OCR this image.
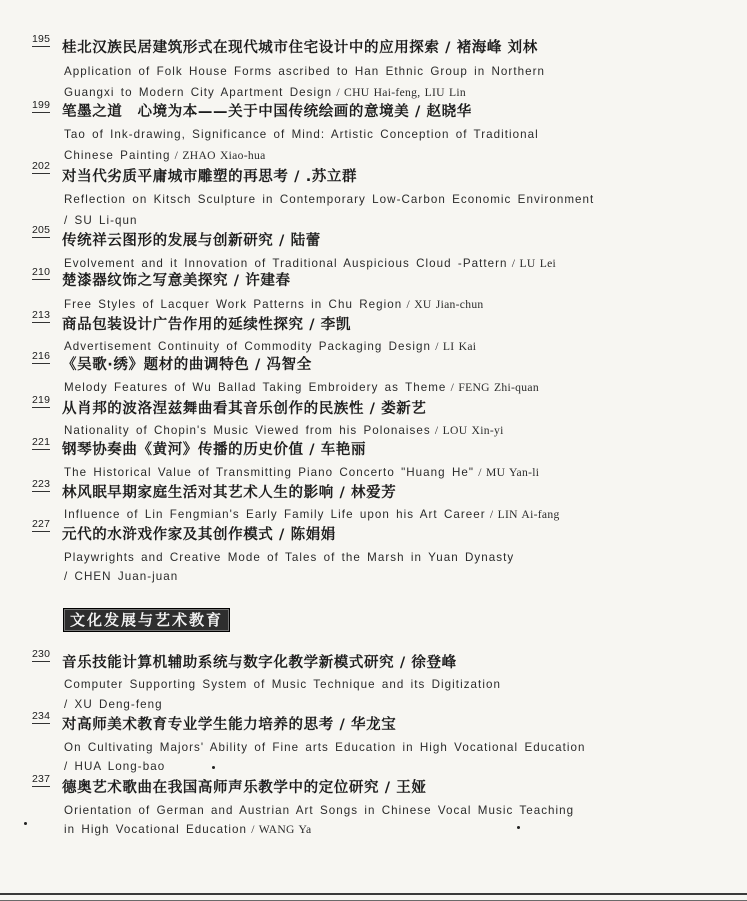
195
桂北汉族民居建筑形式在现代城市住宅设计中的应用探索 / 褚海峰 刘林
Application of Folk House Forms ascribed to Han Ethnic Group in Northern
Guangxi to Modern City Apartment Design / CHU Hai-feng, LIU Lin
199 笔墨之道　心境为本——关于中国传统绘画的意境美 / 赵晓华
Tao of Ink-drawing, Significance of Mind: Artistic Conception of Traditional
Chinese Painting / ZHAO Xiao-hua
202
对当代劣质平庸城市雕塑的再思考 / .苏立群
Reflection on Kitsch Sculpture in Contemporary Low-Carbon Economic Environment
/ SU Li-qun
205
传统祥云图形的发展与创新研究 / 陆蕾
Evolvement and it Innovation of Traditional Auspicious Cloud -Pattern / LU Lei
210
楚漆器纹饰之写意美探究 / 许建春
Free Styles of Lacquer Work Patterns in Chu Region / XU Jian-chun
213
商品包装设计广告作用的延续性探究 / 李凯
Advertisement Continuity of Commodity Packaging Design / LI Kai
216
《吴歌·绣》题材的曲调特色 / 冯智全
Melody Features of Wu Ballad Taking Embroidery as Theme / FENG Zhi-quan
219
从肖邦的波洛涅兹舞曲看其音乐创作的民族性 / 娄新艺
Nationality of Chopin's Music Viewed from his Polonaises / LOU Xin-yi
221 钢琴协奏曲《黄河》传播的历史价值 / 车艳丽
The Historical Value of Transmitting Piano Concerto "Huang He" / MU Yan-li
223
林风眠早期家庭生活对其艺术人生的影响 / 林爱芳
Influence of Lin Fengmian's Early Family Life upon his Art Career / LIN Ai-fang
227
元代的水浒戏作家及其创作模式 / 陈娟娟
Playwrights and Creative Mode of Tales of the Marsh in Yuan Dynasty
/ CHEN Juan-juan
文化发展与艺术教育
230
音乐技能计算机辅助系统与数字化教学新模式研究 / 徐登峰
Computer Supporting System of Music Technique and its Digitization
/ XU Deng-feng
234
对高师美术教育专业学生能力培养的思考 / 华龙宝
On Cultivating Majors' Ability of Fine arts Education in High Vocational Education
/ HUA Long-bao
237
德奥艺术歌曲在我国高师声乐教学中的定位研究 / 王娅
Orientation of German and Austrian Art Songs in Chinese Vocal Music Teaching
in High Vocational Education / WANG Ya
